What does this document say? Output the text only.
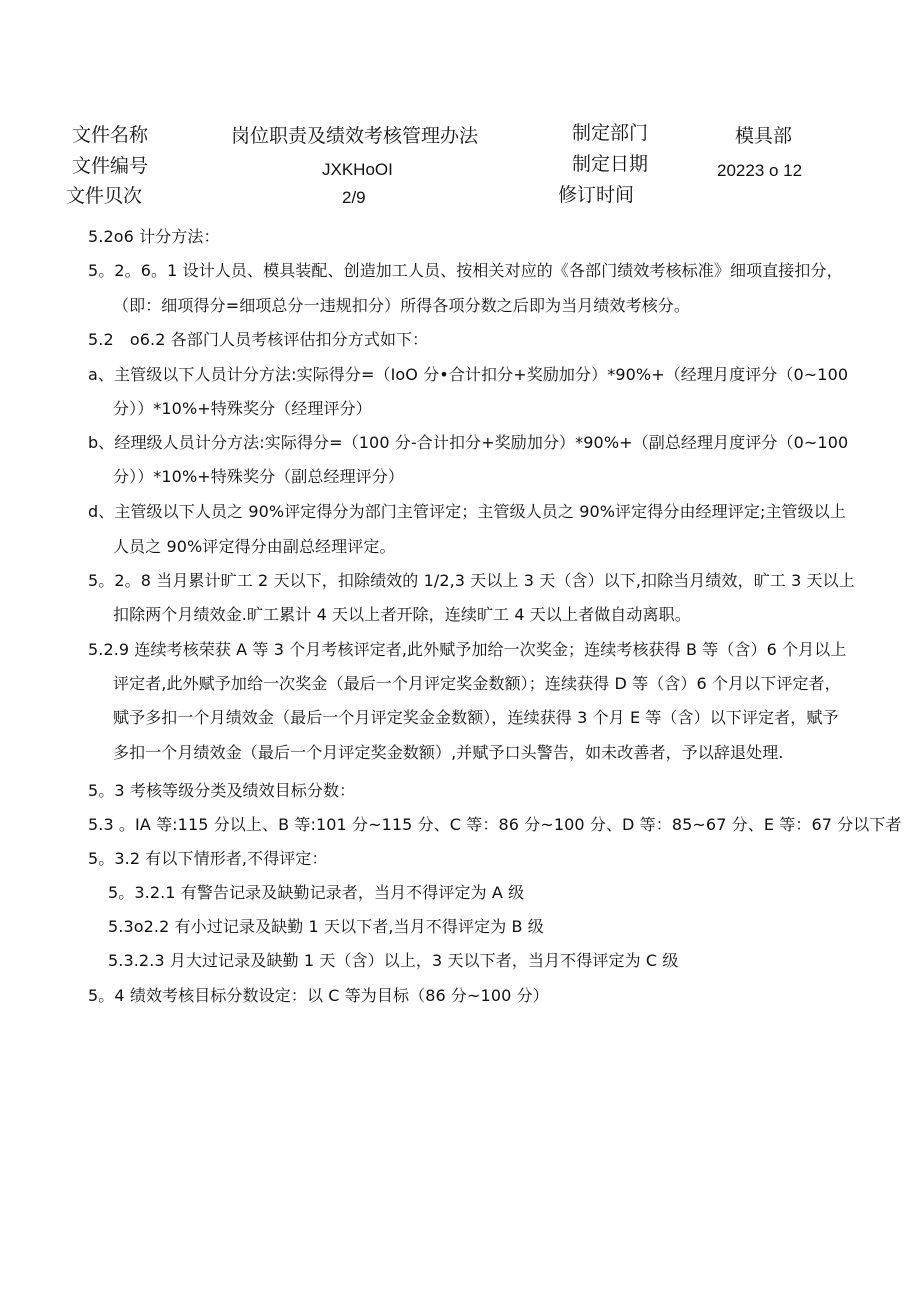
文件名称	岗位职责及绩效考核管理办法	制定部门	模具部
文件编号	JXKHoOI	制定日期	20223 o 12
文件贝次	2/9	修订时间
5.2o6 计分方法：
5。2。6。1 设计人员、模具装配、创造加工人员、按相关对应的《各部门绩效考核标准》细项直接扣分，
（即：细项得分=细项总分一违规扣分）所得各项分数之后即为当月绩效考核分。
5.2　o6.2 各部门人员考核评估扣分方式如下：
a、主管级以下人员计分方法:实际得分=（IoO 分•合计扣分+奖励加分）*90%+（经理月度评分（0~100
分））*10%+特殊奖分（经理评分）
b、经理级人员计分方法:实际得分=（100 分-合计扣分+奖励加分）*90%+（副总经理月度评分（0~100
分））*10%+特殊奖分（副总经理评分）
d、主管级以下人员之 90%评定得分为部门主管评定；主管级人员之 90%评定得分由经理评定;主管级以上
人员之 90%评定得分由副总经理评定。
5。2。8 当月累计旷工 2 天以下，扣除绩效的 1/2,3 天以上 3 天（含）以下,扣除当月绩效，旷工 3 天以上
扣除两个月绩效金.旷工累计 4 天以上者开除，连续旷工 4 天以上者做自动离职。
5.2.9 连续考核荣获 A 等 3 个月考核评定者,此外赋予加给一次奖金；连续考核获得 B 等（含）6 个月以上
评定者,此外赋予加给一次奖金（最后一个月评定奖金数额）；连续获得 D 等（含）6 个月以下评定者，
赋予多扣一个月绩效金（最后一个月评定奖金金数额），连续获得 3 个月 E 等（含）以下评定者，赋予
多扣一个月绩效金（最后一个月评定奖金数额）,并赋予口头警告，如未改善者，予以辞退处理.
5。3 考核等级分类及绩效目标分数：
5.3 。IA 等:115 分以上、B 等:101 分~115 分、C 等：86 分~100 分、D 等：85~67 分、E 等：67 分以下者
5。3.2 有以下情形者,不得评定：
5。3.2.1 有警告记录及缺勤记录者，当月不得评定为 A 级
5.3o2.2 有小过记录及缺勤 1 天以下者,当月不得评定为 B 级
5.3.2.3 月大过记录及缺勤 1 天（含）以上，3 天以下者，当月不得评定为 C 级
5。4 绩效考核目标分数设定：以 C 等为目标（86 分~100 分）
